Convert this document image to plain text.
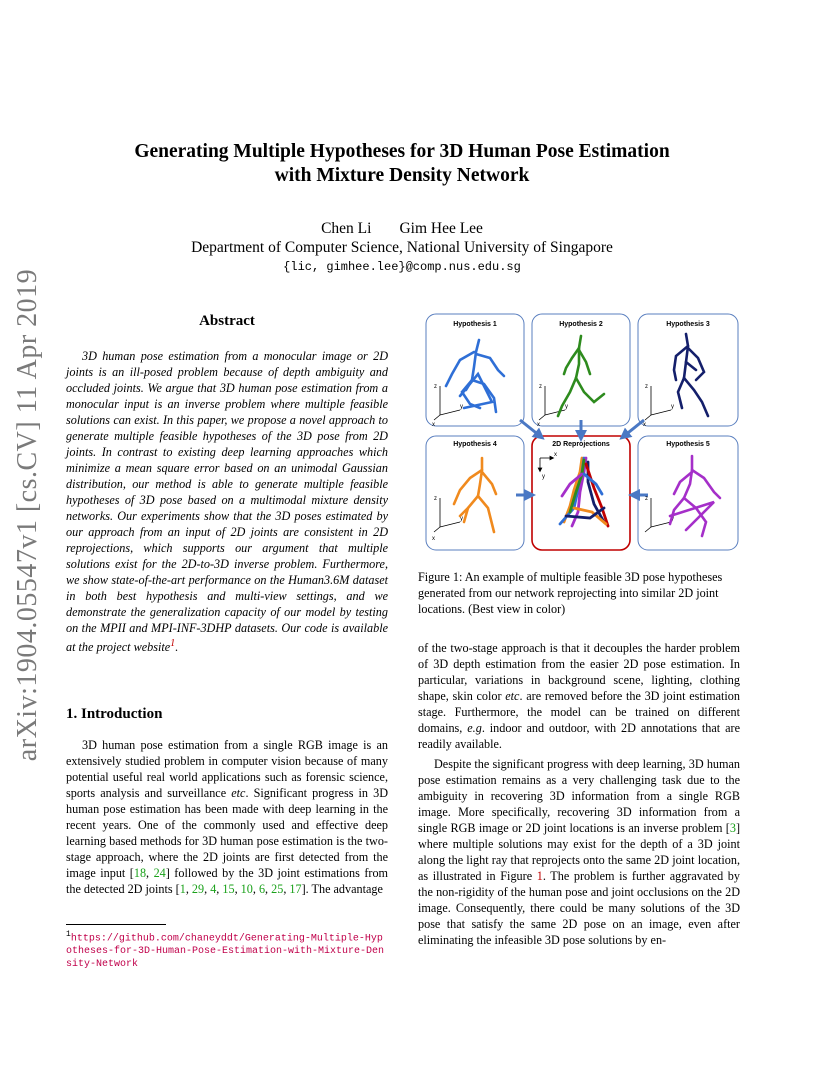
arXiv:1904.05547v1 [cs.CV] 11 Apr 2019
Generating Multiple Hypotheses for 3D Human Pose Estimation
with Mixture Density Network
Chen Li Gim Hee Lee
Department of Computer Science, National University of Singapore
{lic, gimhee.lee}@comp.nus.edu.sg
Abstract

3D human pose estimation from a monocular image or 2D joints is an ill-posed problem because of depth ambiguity and occluded joints. We argue that 3D human pose estimation from a monocular input is an inverse problem where multiple feasible solutions can exist. In this paper, we propose a novel approach to generate multiple feasible hypotheses of the 3D pose from 2D joints. In contrast to existing deep learning approaches which minimize a mean square error based on an unimodal Gaussian distribution, our method is able to generate multiple feasible hypotheses of 3D pose based on a multimodal mixture density networks. Our experiments show that the 3D poses estimated by our approach from an input of 2D joints are consistent in 2D reprojections, which supports our argument that multiple solutions exist for the 2D-to-3D inverse problem. Furthermore, we show state-of-the-art performance on the Human3.6M dataset in both best hypothesis and multi-view settings, and we demonstrate the generalization capacity of our model by testing on the MPII and MPI-INF-3DHP datasets. Our code is available at the project website$^1$.

1. Introduction

3D human pose estimation from a single RGB image is an extensively studied problem in computer vision because of many potential useful real world applications such as forensic science, sports analysis and surveillance etc. Significant progress in 3D human pose estimation has been made with deep learning in the recent years. One of the commonly used and effective deep learning based methods for 3D human pose estimation is the two-stage approach, where the 2D joints are first detected from the image input [18, 24] followed by the 3D joint estimations from the detected 2D joints [1, 29, 4, 15, 10, 6, 25, 17]. The advantage

$^1$https://github.com/chaneyddt/Generating-Multiple-Hypotheses-for-3D-Human-Pose-Estimation-with-Mixture-Density-Network
Hypothesis 1	Hypothesis 2	Hypothesis 3
Hypothesis 4	2D Reprojections	Hypothesis 5
z
y
x
z
y
x
z
y
x
z
y
x
z
y
x
y
Figure 1: An example of multiple feasible 3D pose hypotheses generated from our network reprojecting into similar 2D joint locations. (Best view in color)

of the two-stage approach is that it decouples the harder problem of 3D depth estimation from the easier 2D pose estimation. In particular, variations in background scene, lighting, clothing shape, skin color etc. are removed before the 3D joint estimation stage. Furthermore, the model can be trained on different domains, e.g. indoor and outdoor, with 2D annotations that are readily available.

Despite the significant progress with deep learning, 3D human pose estimation remains as a very challenging task due to the ambiguity in recovering 3D information from a single RGB image. More specifically, recovering 3D information from a single RGB image or 2D joint locations is an inverse problem [3] where multiple solutions may exist for the depth of a 3D joint along the light ray that reprojects onto the same 2D joint location, as illustrated in Figure 1. The problem is further aggravated by the non-rigidity of the human pose and joint occlusions on the 2D image. Consequently, there could be many solutions of the 3D pose that satisfy the same 2D pose on an image, even after eliminating the infeasible 3D pose solutions by en-
